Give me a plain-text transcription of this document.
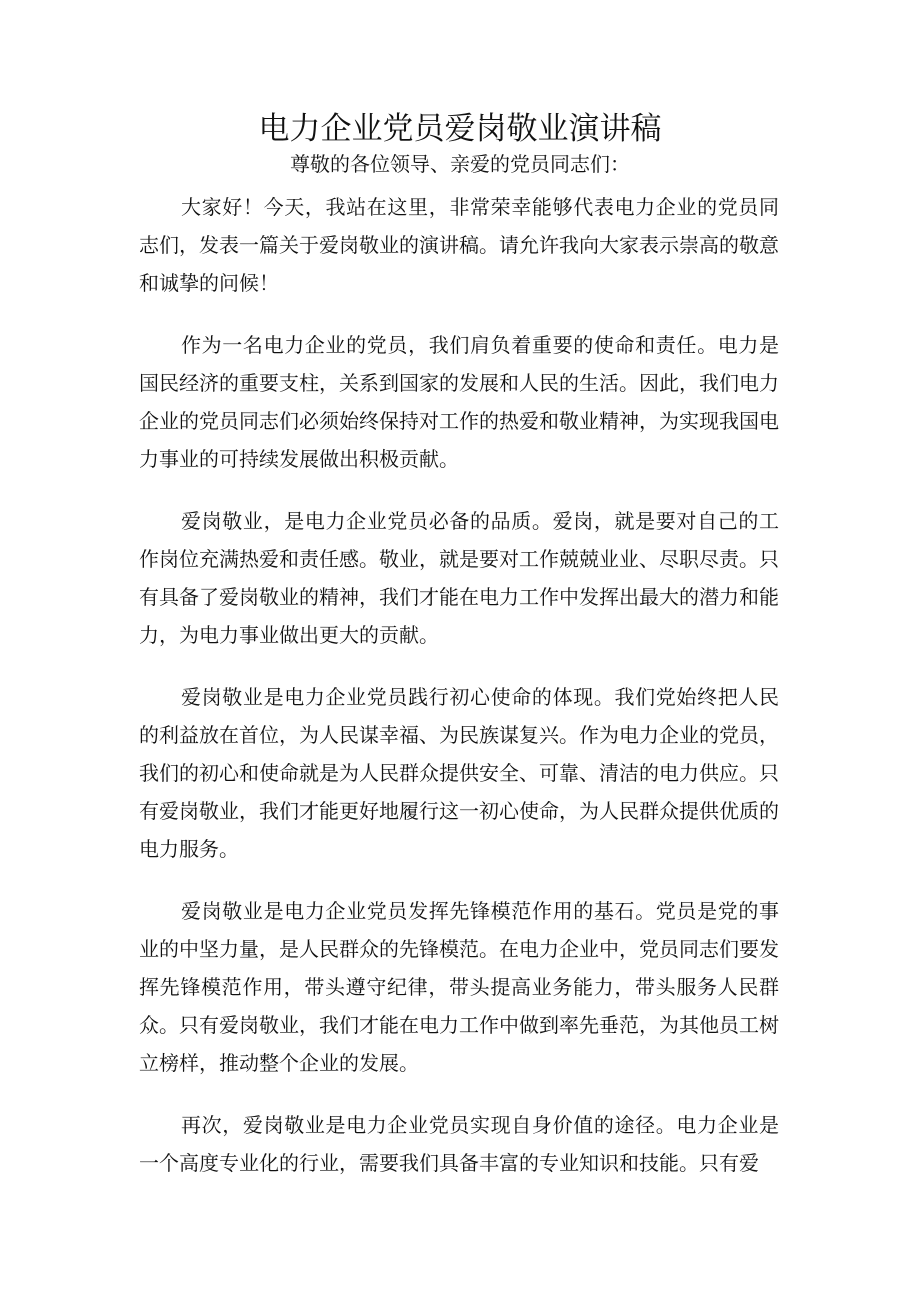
电力企业党员爱岗敬业演讲稿
尊敬的各位领导、亲爱的党员同志们：

大家好！今天，我站在这里，非常荣幸能够代表电力企业的党员同志们，发表一篇关于爱岗敬业的演讲稿。请允许我向大家表示崇高的敬意和诚挚的问候！

作为一名电力企业的党员，我们肩负着重要的使命和责任。电力是国民经济的重要支柱，关系到国家的发展和人民的生活。因此，我们电力企业的党员同志们必须始终保持对工作的热爱和敬业精神，为实现我国电力事业的可持续发展做出积极贡献。

爱岗敬业，是电力企业党员必备的品质。爱岗，就是要对自己的工作岗位充满热爱和责任感。敬业，就是要对工作兢兢业业、尽职尽责。只有具备了爱岗敬业的精神，我们才能在电力工作中发挥出最大的潜力和能力，为电力事业做出更大的贡献。

爱岗敬业是电力企业党员践行初心使命的体现。我们党始终把人民的利益放在首位，为人民谋幸福、为民族谋复兴。作为电力企业的党员，我们的初心和使命就是为人民群众提供安全、可靠、清洁的电力供应。只有爱岗敬业，我们才能更好地履行这一初心使命，为人民群众提供优质的电力服务。

爱岗敬业是电力企业党员发挥先锋模范作用的基石。党员是党的事业的中坚力量，是人民群众的先锋模范。在电力企业中，党员同志们要发挥先锋模范作用，带头遵守纪律，带头提高业务能力，带头服务人民群众。只有爱岗敬业，我们才能在电力工作中做到率先垂范，为其他员工树立榜样，推动整个企业的发展。

再次，爱岗敬业是电力企业党员实现自身价值的途径。电力企业是一个高度专业化的行业，需要我们具备丰富的专业知识和技能。只有爱
